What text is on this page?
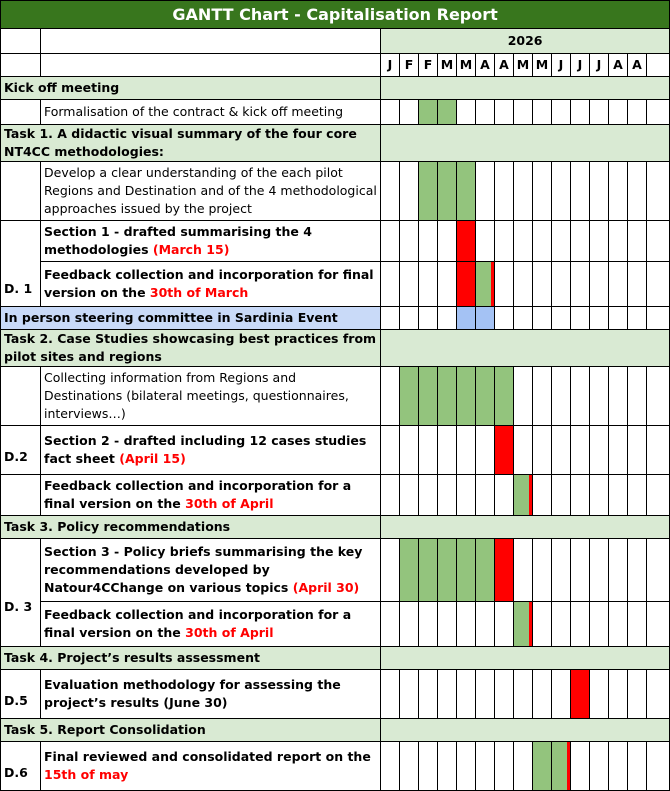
GANTT Chart - Capitalisation Report																
		2026														
		J	F	F	M	M	A	A	M	M	J	J	J	A	A	
Kick off meeting																
	Formalisation of the contract & kick off meeting															
Task 1. A didactic visual summary of the four core NT4CC methodologies:																
	Develop a clear understanding of the each pilot Regions and Destination and of the 4 methodological approaches issued by the project															
D. 1	Section 1 - drafted summarising the 4 methodologies (March 15)															
	Feedback collection and incorporation for final version on the 30th of March															
In person steering committee in Sardinia Event																
Task 2. Case Studies showcasing best practices from pilot sites and regions																
	Collecting information from Regions and Destinations (bilateral meetings, questionnaires, interviews…)															
D.2	Section 2 - drafted including 12 cases studies fact sheet (April 15)															
	Feedback collection and incorporation for a final version on the 30th of April															
Task 3. Policy recommendations																
D. 3	Section 3 - Policy briefs summarising the key recommendations developed by Natour4CChange on various topics (April 30)															
	Feedback collection and incorporation for a final version on the 30th of April															
Task 4. Project’s results assessment																
D.5	Evaluation methodology for assessing the project’s results (June 30)															
Task 5. Report Consolidation																
D.6	Final reviewed and consolidated report on the
15th of may															
